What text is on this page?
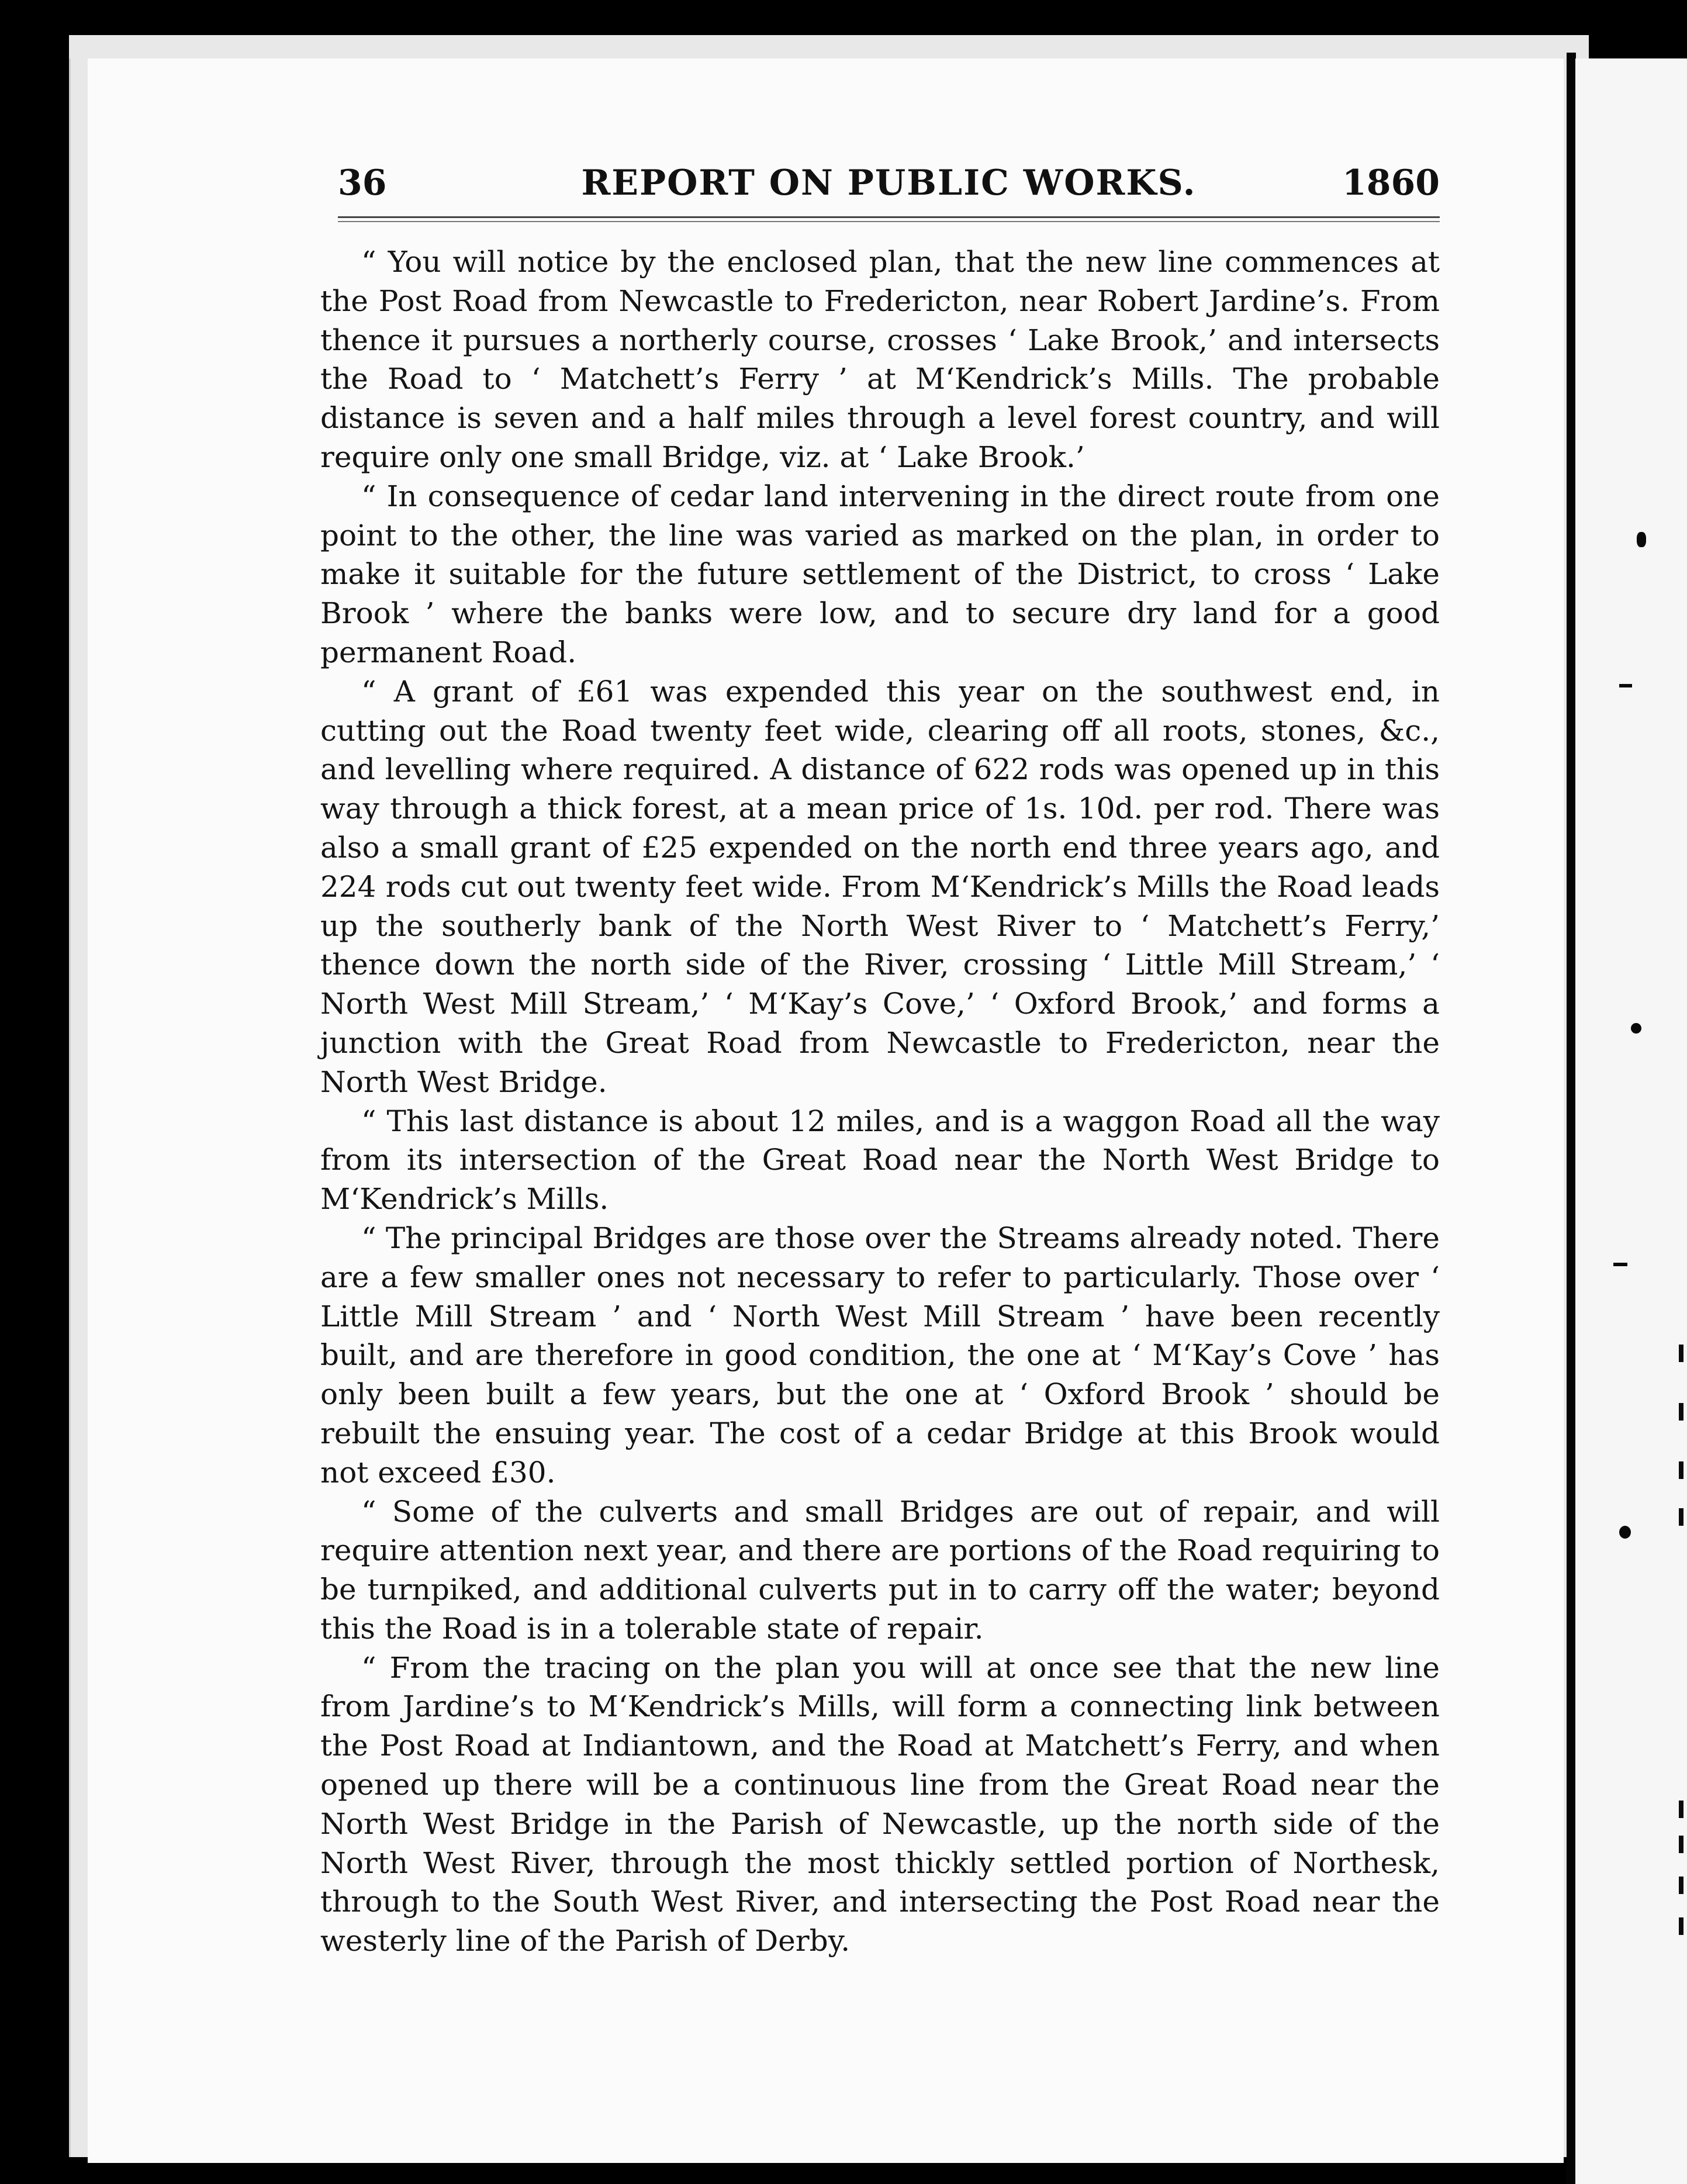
36	REPORT ON PUBLIC WORKS.	1860

“ You will notice by the enclosed plan, that the new line commences at the Post Road from Newcastle to Fredericton, near Robert Jardine’s. From thence it pursues a northerly course, crosses ‘ Lake Brook,’ and intersects the Road to ‘ Matchett’s Ferry ’ at M‘Kendrick’s Mills. The probable distance is seven and a half miles through a level forest country, and will require only one small Bridge, viz. at ‘ Lake Brook.’

“ In consequence of cedar land intervening in the direct route from one point to the other, the line was varied as marked on the plan, in order to make it suitable for the future settlement of the District, to cross ‘ Lake Brook ’ where the banks were low, and to secure dry land for a good permanent Road.

“ A grant of £61 was expended this year on the southwest end, in cutting out the Road twenty feet wide, clearing off all roots, stones, &c., and levelling where required. A distance of 622 rods was opened up in this way through a thick forest, at a mean price of 1s. 10d. per rod. There was also a small grant of £25 expended on the north end three years ago, and 224 rods cut out twenty feet wide. From M‘Kendrick’s Mills the Road leads up the southerly bank of the North West River to ‘ Matchett’s Ferry,’ thence down the north side of the River, crossing ‘ Little Mill Stream,’ ‘ North West Mill Stream,’ ‘ M‘Kay’s Cove,’ ‘ Oxford Brook,’ and forms a junction with the Great Road from Newcastle to Fredericton, near the North West Bridge.

“ This last distance is about 12 miles, and is a waggon Road all the way from its intersection of the Great Road near the North West Bridge to M‘Kendrick’s Mills.

“ The principal Bridges are those over the Streams already noted. There are a few smaller ones not necessary to refer to particularly. Those over ‘ Little Mill Stream ’ and ‘ North West Mill Stream ’ have been recently built, and are therefore in good condition, the one at ‘ M‘Kay’s Cove ’ has only been built a few years, but the one at ‘ Oxford Brook ’ should be rebuilt the ensuing year. The cost of a cedar Bridge at this Brook would not exceed £30.

“ Some of the culverts and small Bridges are out of repair, and will require attention next year, and there are portions of the Road requiring to be turnpiked, and additional culverts put in to carry off the water; beyond this the Road is in a tolerable state of repair.

“ From the tracing on the plan you will at once see that the new line from Jardine’s to M‘Kendrick’s Mills, will form a connecting link between the Post Road at Indiantown, and the Road at Matchett’s Ferry, and when opened up there will be a continuous line from the Great Road near the North West Bridge in the Parish of Newcastle, up the north side of the North West River, through the most thickly settled portion of Northesk, through to the South West River, and intersecting the Post Road near the westerly line of the Parish of Derby.
